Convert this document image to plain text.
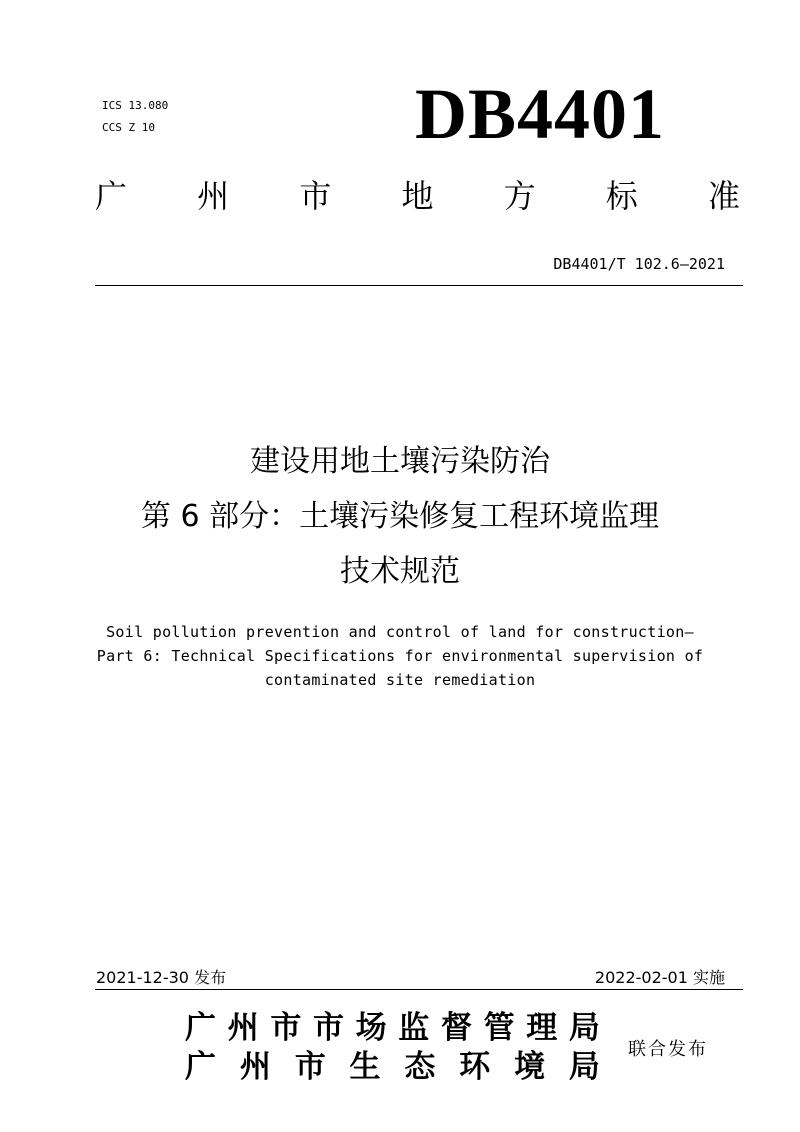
ICS 13.080
CCS Z 10	DB4401
广 州 市 地 方 标 准
DB4401/T 102.6—2021
建设用地土壤污染防治
第 6 部分：土壤污染修复工程环境监理
技术规范
Soil pollution prevention and control of land for construction—
Part 6: Technical Specifications for environmental supervision of
contaminated site remediation
2021-12-30 发布	2022-02-01 实施
广 州 市 市 场 监 督 管 理 局
广 州 市 生 态 环 境 局 联合发布
